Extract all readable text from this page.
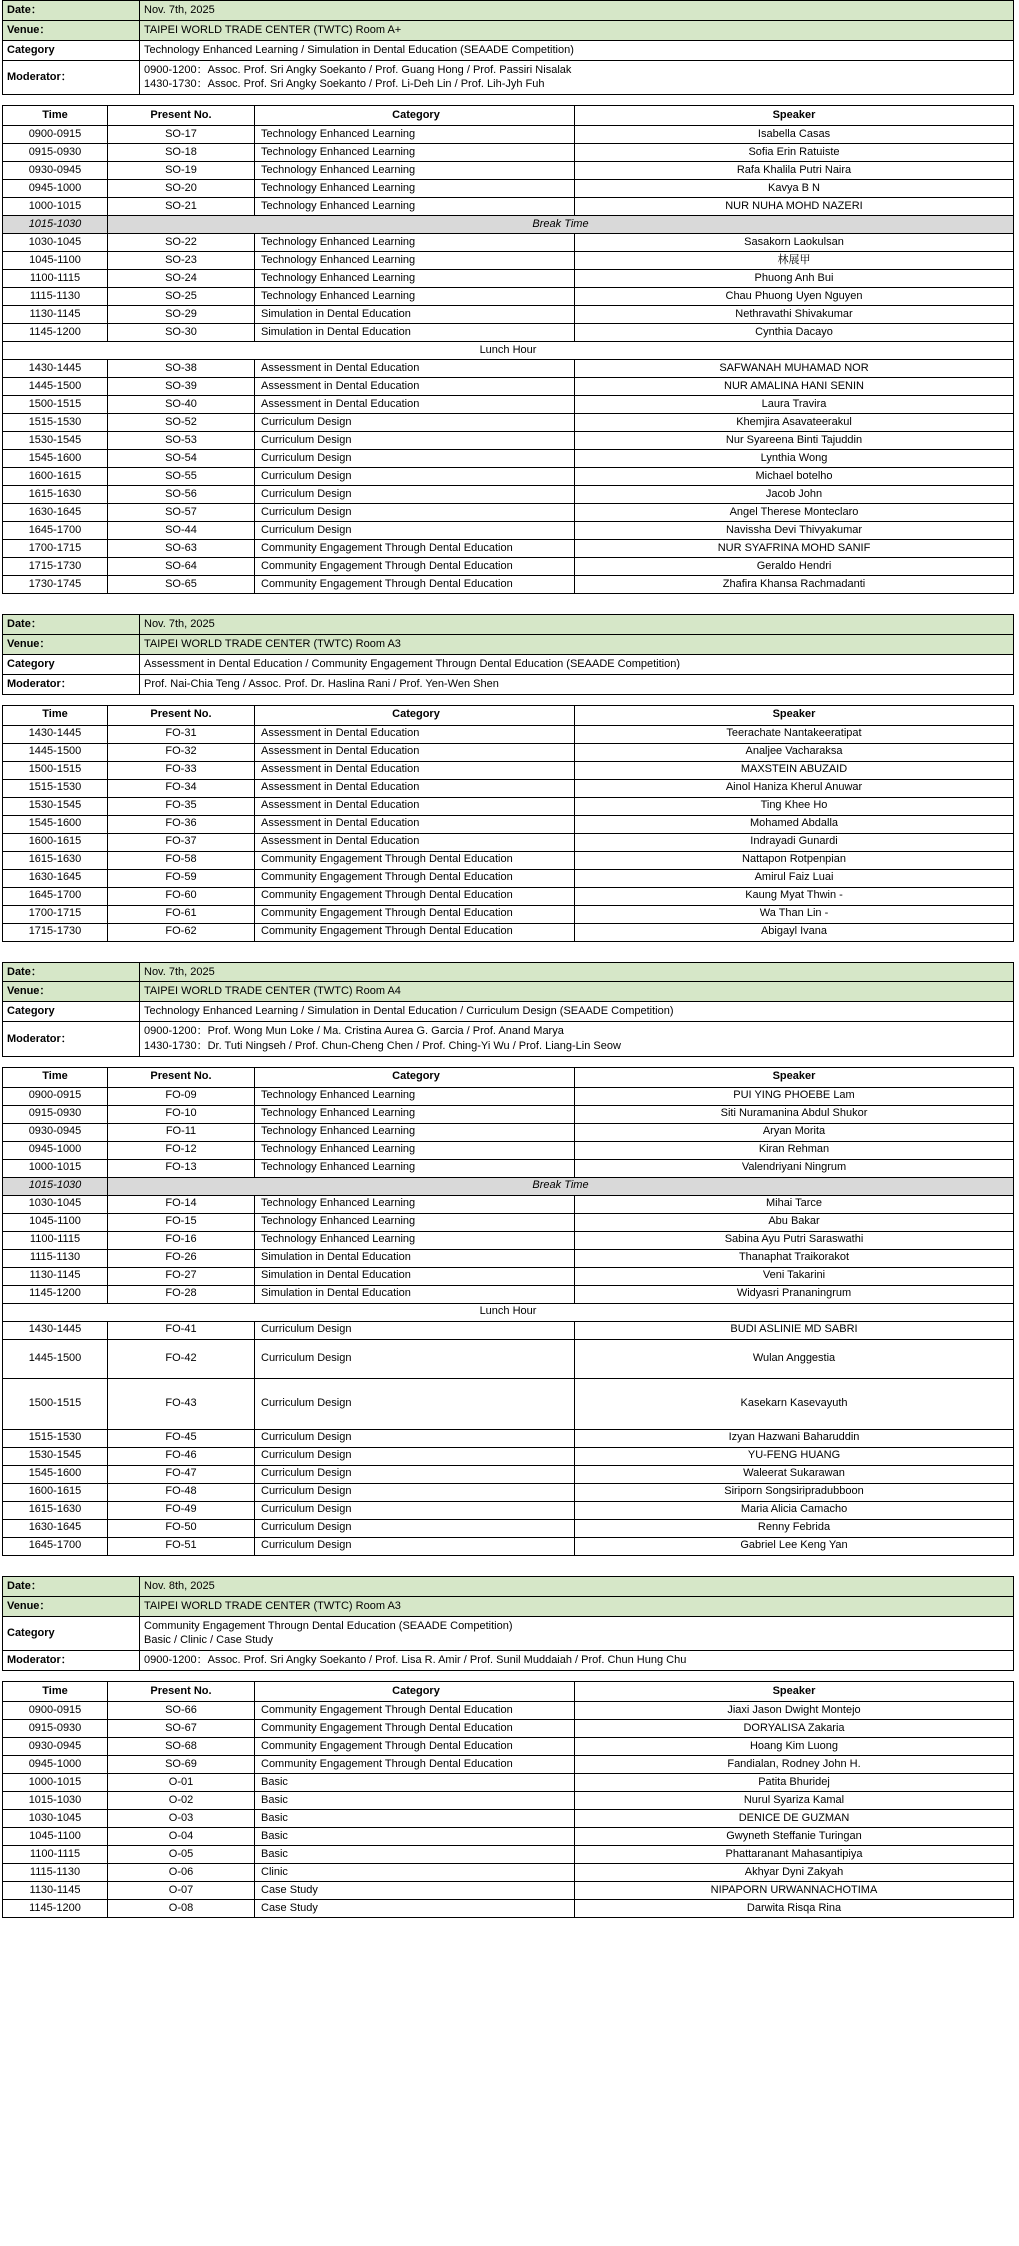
Date：	Nov. 7th, 2025
Venue：	TAIPEI WORLD TRADE CENTER (TWTC) Room A+
Category	Technology Enhanced Learning / Simulation in Dental Education (SEAADE Competition)
Moderator：	0900-1200：Assoc. Prof. Sri Angky Soekanto / Prof. Guang Hong / Prof. Passiri Nisalak
1430-1730：Assoc. Prof. Sri Angky Soekanto / Prof. Li-Deh Lin / Prof. Lih-Jyh Fuh
Time	Present No.	Category	Speaker
0900-0915	SO-17	Technology Enhanced Learning	Isabella Casas
0915-0930	SO-18	Technology Enhanced Learning	Sofia Erin Ratuiste
0930-0945	SO-19	Technology Enhanced Learning	Rafa Khalila Putri Naira
0945-1000	SO-20	Technology Enhanced Learning	Kavya B N
1000-1015	SO-21	Technology Enhanced Learning	NUR NUHA MOHD NAZERI
1015-1030	Break Time		
1030-1045	SO-22	Technology Enhanced Learning	Sasakorn Laokulsan
1045-1100	SO-23	Technology Enhanced Learning	林展甲
1100-1115	SO-24	Technology Enhanced Learning	Phuong Anh Bui
1115-1130	SO-25	Technology Enhanced Learning	Chau Phuong Uyen Nguyen
1130-1145	SO-29	Simulation in Dental Education	Nethravathi Shivakumar
1145-1200	SO-30	Simulation in Dental Education	Cynthia Dacayo
Lunch Hour			
1430-1445	SO-38	Assessment in Dental Education	SAFWANAH MUHAMAD NOR
1445-1500	SO-39	Assessment in Dental Education	NUR AMALINA HANI SENIN
1500-1515	SO-40	Assessment in Dental Education	Laura Travira
1515-1530	SO-52	Curriculum Design	Khemjira Asavateerakul
1530-1545	SO-53	Curriculum Design	Nur Syareena Binti Tajuddin
1545-1600	SO-54	Curriculum Design	Lynthia Wong
1600-1615	SO-55	Curriculum Design	Michael botelho
1615-1630	SO-56	Curriculum Design	Jacob John
1630-1645	SO-57	Curriculum Design	Angel Therese Monteclaro
1645-1700	SO-44	Curriculum Design	Navissha Devi Thivyakumar
1700-1715	SO-63	Community Engagement Through Dental Education	NUR SYAFRINA MOHD SANIF
1715-1730	SO-64	Community Engagement Through Dental Education	Geraldo Hendri
1730-1745	SO-65	Community Engagement Through Dental Education	Zhafira Khansa Rachmadanti
Date：	Nov. 7th, 2025
Venue：	TAIPEI WORLD TRADE CENTER (TWTC) Room A3
Category	Assessment in Dental Education / Community Engagement Througn Dental Education (SEAADE Competition)
Moderator：	Prof. Nai-Chia Teng / Assoc. Prof. Dr. Haslina Rani / Prof. Yen-Wen Shen
Time	Present No.	Category	Speaker
1430-1445	FO-31	Assessment in Dental Education	Teerachate Nantakeeratipat
1445-1500	FO-32	Assessment in Dental Education	Analjee Vacharaksa
1500-1515	FO-33	Assessment in Dental Education	MAXSTEIN ABUZAID
1515-1530	FO-34	Assessment in Dental Education	Ainol Haniza Kherul Anuwar
1530-1545	FO-35	Assessment in Dental Education	Ting Khee Ho
1545-1600	FO-36	Assessment in Dental Education	Mohamed Abdalla
1600-1615	FO-37	Assessment in Dental Education	Indrayadi Gunardi
1615-1630	FO-58	Community Engagement Through Dental Education	Nattapon Rotpenpian
1630-1645	FO-59	Community Engagement Through Dental Education	Amirul Faiz Luai
1645-1700	FO-60	Community Engagement Through Dental Education	Kaung Myat Thwin -
1700-1715	FO-61	Community Engagement Through Dental Education	Wa Than Lin -
1715-1730	FO-62	Community Engagement Through Dental Education	Abigayl Ivana
Date：	Nov. 7th, 2025
Venue：	TAIPEI WORLD TRADE CENTER (TWTC) Room A4
Category	Technology Enhanced Learning / Simulation in Dental Education / Curriculum Design (SEAADE Competition)
Moderator：	0900-1200：Prof. Wong Mun Loke / Ma. Cristina Aurea G. Garcia / Prof. Anand Marya
1430-1730：Dr. Tuti Ningseh / Prof. Chun-Cheng Chen / Prof. Ching-Yi Wu / Prof. Liang-Lin Seow
Time	Present No.	Category	Speaker
0900-0915	FO-09	Technology Enhanced Learning	PUI YING PHOEBE Lam
0915-0930	FO-10	Technology Enhanced Learning	Siti Nuramanina Abdul Shukor
0930-0945	FO-11	Technology Enhanced Learning	Aryan Morita
0945-1000	FO-12	Technology Enhanced Learning	Kiran Rehman
1000-1015	FO-13	Technology Enhanced Learning	Valendriyani Ningrum
1015-1030	Break Time		
1030-1045	FO-14	Technology Enhanced Learning	Mihai Tarce
1045-1100	FO-15	Technology Enhanced Learning	Abu Bakar
1100-1115	FO-16	Technology Enhanced Learning	Sabina Ayu Putri Saraswathi
1115-1130	FO-26	Simulation in Dental Education	Thanaphat Traikorakot
1130-1145	FO-27	Simulation in Dental Education	Veni Takarini
1145-1200	FO-28	Simulation in Dental Education	Widyasri Prananingrum
Lunch Hour			
1430-1445	FO-41	Curriculum Design	BUDI ASLINIE MD SABRI
1445-1500	FO-42	Curriculum Design	Wulan Anggestia
1500-1515	FO-43	Curriculum Design	Kasekarn Kasevayuth
1515-1530	FO-45	Curriculum Design	Izyan Hazwani Baharuddin
1530-1545	FO-46	Curriculum Design	YU-FENG HUANG
1545-1600	FO-47	Curriculum Design	Waleerat Sukarawan
1600-1615	FO-48	Curriculum Design	Siriporn Songsiripradubboon
1615-1630	FO-49	Curriculum Design	Maria Alicia Camacho
1630-1645	FO-50	Curriculum Design	Renny Febrida
1645-1700	FO-51	Curriculum Design	Gabriel Lee Keng Yan
Date：	Nov. 8th, 2025
Venue：	TAIPEI WORLD TRADE CENTER (TWTC) Room A3
Category	Community Engagement Througn Dental Education (SEAADE Competition)
Basic / Clinic / Case Study

Moderator：	0900-1200：Assoc. Prof. Sri Angky Soekanto / Prof. Lisa R. Amir / Prof. Sunil Muddaiah / Prof. Chun Hung Chu
Time	Present No.	Category	Speaker
0900-0915	SO-66	Community Engagement Through Dental Education	Jiaxi Jason Dwight Montejo
0915-0930	SO-67	Community Engagement Through Dental Education	DORYALISA Zakaria
0930-0945	SO-68	Community Engagement Through Dental Education	Hoang Kim Luong
0945-1000	SO-69	Community Engagement Through Dental Education	Fandialan, Rodney John H.
1000-1015	O-01	Basic	Patita Bhuridej
1015-1030	O-02	Basic	Nurul Syariza Kamal
1030-1045	O-03	Basic	DENICE DE GUZMAN
1045-1100	O-04	Basic	Gwyneth Steffanie Turingan
1100-1115	O-05	Basic	Phattaranant Mahasantipiya
1115-1130	O-06	Clinic	Akhyar Dyni Zakyah
1130-1145	O-07	Case Study	NIPAPORN URWANNACHOTIMA
1145-1200	O-08	Case Study	Darwita Risqa Rina
